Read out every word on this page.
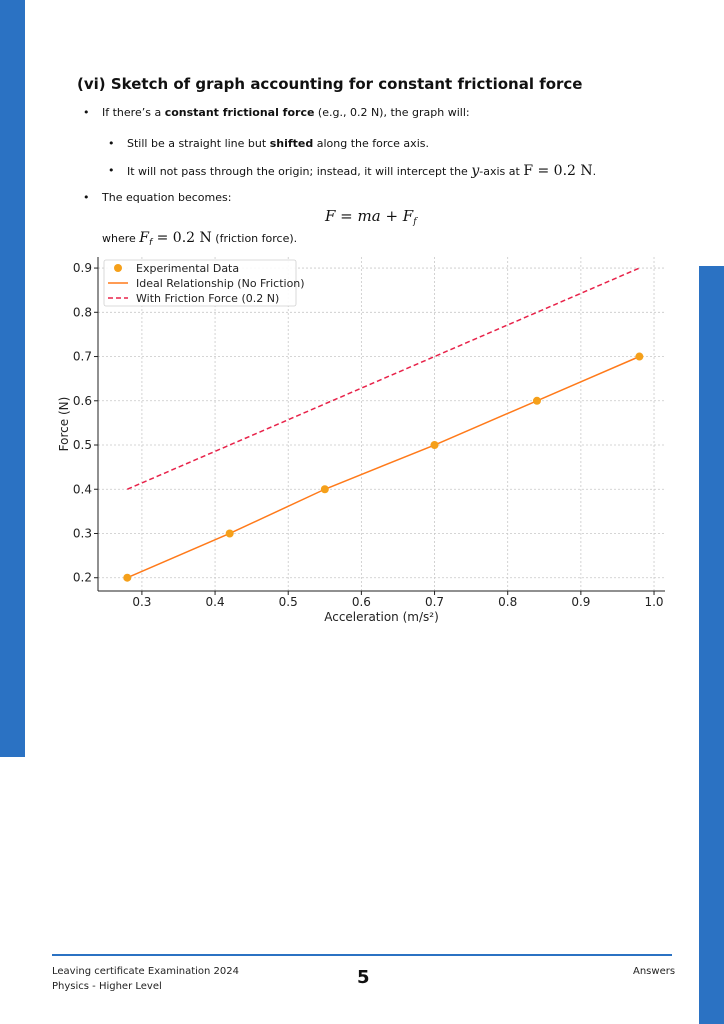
(vi) Sketch of graph accounting for constant frictional force
• If there’s a constant frictional force (e.g., 0.2 N), the graph will:
• Still be a straight line but shifted along the force axis.
• It will not pass through the origin; instead, it will intercept the y-axis at F = 0.2 N.
• The equation becomes:
F = ma + $F_f$
where $F_f = 0.2$ N (friction force).
0.3	0.4	0.5	0.6	0.7	0.8	0.9	1.0
0.2
0.3
0.4
0.5
0.6
0.7
0.8
0.9
Acceleration (m/s²)
Force (N)
Experimental Data
Ideal Relationship (No Friction)
With Friction Force (0.2 N)
Leaving certificate Examination 2024
Physics - Higher Level	5	Answers
